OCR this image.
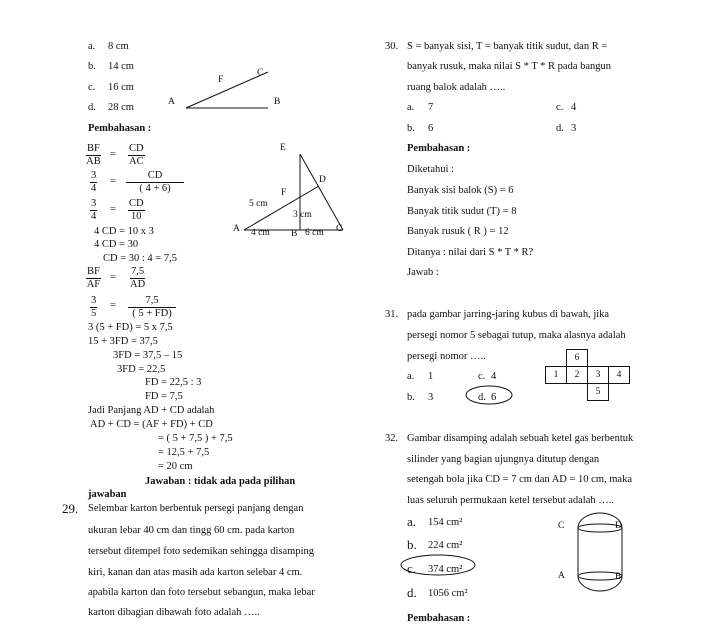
a. 8 cm
b. 14 cm
c. 16 cm
d. 28 cm	A	B
C
F
Pembahasan :
$\frac{BF}{AB} = \frac{CD}{AC}$
$\frac{3}{4} = \frac{CD}{( 4 + 6)}$
$\frac{3}{4} = \frac{CD}{10}$
4 CD = 10 x 3
4 CD = 30
CD = 30 : 4 = 7,5
$\frac{BF}{AF} = \frac{7,5}{AD}$
$\frac{3}{5} = \frac{7,5}{( 5 + FD)}$
3 (5 + FD) = 5 x 7,5
15 + 3FD = 37,5
3FD = 37,5 – 15
3FD = 22,5
FD = 22,5 : 3
FD = 7,5
Jadi Panjang AD + CD adalah
AD + CD = (AF + FD) + CD
= ( 5 + 7,5 ) + 7,5
= 12,5 + 7,5
= 20 cm
E
D
F
A	B	C
5 cm
3 cm
4 cm	6 cm
Jawaban : tidak ada pada pilihan
jawaban
29. Selembar karton berbentuk persegi panjang dengan
ukuran lebar 40 cm dan tingg 60 cm. pada karton
tersebut ditempel foto sedemikan sehingga disamping
kiri, kanan dan atas masih ada karton selebar 4 cm.
apabila karton dan foto tersebut sebangun, maka lebar
karton dibagian dibawah foto adalah …..
30. S = banyak sisi, T = banyak titik sudut, dan R =
banyak rusuk, maka nilai S * T * R pada bangun
ruang balok adalah …..
a. 7	c. 4
b. 6	d. 3
Pembahasan :
Diketahui :
Banyak sisi balok (S) = 6
Banyak titik sudut (T) = 8
Banyak rusuk ( R ) = 12
Ditanya : nilai dari S * T * R?
Jawab :
31. pada gambar jarring-jaring kubus di bawah, jika
persegi nomor 5 sebagai tutup, maka alasnya adalah
persegi nomor …..
a. 1	c. 4
b. 3	d. 6
	6		
1	2	3	4
		5	
32. Gambar disamping adalah sebuah ketel gas berbentuk
silinder yang bagian ujungnya ditutup dengan
setengah bola jika CD = 7 cm dan AD = 10 cm, maka
luas seluruh permukaan ketel tersebut adalah …..
a. 154 cm²
b. 224 cm²
c. 374 cm²
d. 1056 cm²
C	D
A	B
Pembahasan :
